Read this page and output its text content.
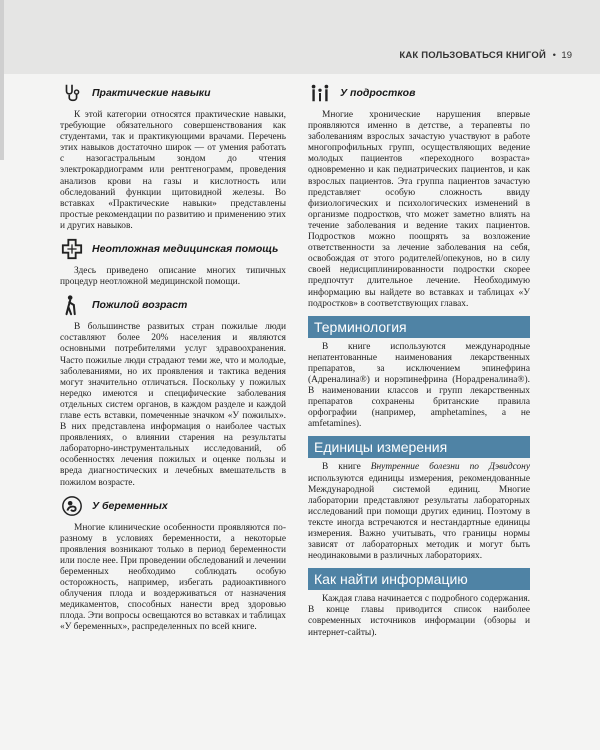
КАК ПОЛЬЗОВАТЬСЯ КНИГОЙ • 19
Практические навыки

К этой категории относятся практические навыки, требующие обязательного совершенствования как студентами, так и практикующими врачами. Перечень этих навыков достаточно широк — от умения работать с назогастральным зондом до чтения электрокардиограмм или рентгенограмм, проведения анализов крови на газы и кислотность или обследований функции щитовидной железы. Во вставках «Практические навыки» представлены простые рекомендации по развитию и применению этих и других навыков.

Неотложная медицинская помощь

Здесь приведено описание многих типичных процедур неотложной медицинской помощи.

Пожилой возраст

В большинстве развитых стран пожилые люди составляют более 20% населения и являются основными потребителями услуг здравоохранения. Часто пожилые люди страдают теми же, что и молодые, заболеваниями, но их проявления и тактика ведения могут значительно отличаться. Поскольку у пожилых нередко имеются и специфические заболевания отдельных систем органов, в каждом разделе и каждой главе есть вставки, помеченные значком «У пожилых». В них представлена информация о наиболее частых проявлениях, о влиянии старения на результаты лабораторно-инструментальных исследований, об особенностях лечения пожилых и оценке пользы и вреда диагностических и лечебных вмешательств в пожилом возрасте.

У беременных

Многие клинические особенности проявляются по-разному в условиях беременности, а некоторые проявления возникают только в период беременности или после нее. При проведении обследований и лечении беременных необходимо соблюдать особую осторожность, например, избегать радиоактивного облучения плода и воздерживаться от назначения медикаментов, способных нанести вред здоровью плода. Эти вопросы освещаются во вставках и таблицах «У беременных», распределенных по всей книге.

У подростков

Многие хронические нарушения впервые проявляются именно в детстве, а терапевты по заболеваниям взрослых зачастую участвуют в работе многопрофильных групп, осуществляющих ведение молодых пациентов «переходного возраста» одновременно и как педиатрических пациентов, и как взрослых пациентов. Эта группа пациентов зачастую представляет особую сложность ввиду физиологических и психологических изменений в организме подростков, что может заметно влиять на течение заболевания и ведение таких пациентов. Подростков можно поощрять за возложение ответственности за лечение заболевания на себя, освобождая от этого родителей/опекунов, но в силу своей недисциплинированности подростки скорее предпочтут длительное лечение. Необходимую информацию вы найдете во вставках и таблицах «У подростков» в соответствующих главах.

Терминология

В книге используются международные непатентованные наименования лекарственных препаратов, за исключением эпинефрина (Адреналина®) и норэпинефрина (Норадреналина®). В наименовании классов и групп лекарственных препаратов сохранены британские правила орфографии (например, amphetamines, а не amfetamines).

Единицы измерения

В книге Внутренние болезни по Дэвидсону используются единицы измерения, рекомендованные Международной системой единиц. Многие лаборатории представляют результаты лабораторных исследований при помощи других единиц. Поэтому в тексте иногда встречаются и нестандартные единицы измерения. Важно учитывать, что границы нормы зависят от лабораторных методик и могут быть неодинаковыми в различных лабораториях.

Как найти информацию

Каждая глава начинается с подробного содержания. В конце главы приводится список наиболее современных источников информации (обзоры и интернет-сайты).
